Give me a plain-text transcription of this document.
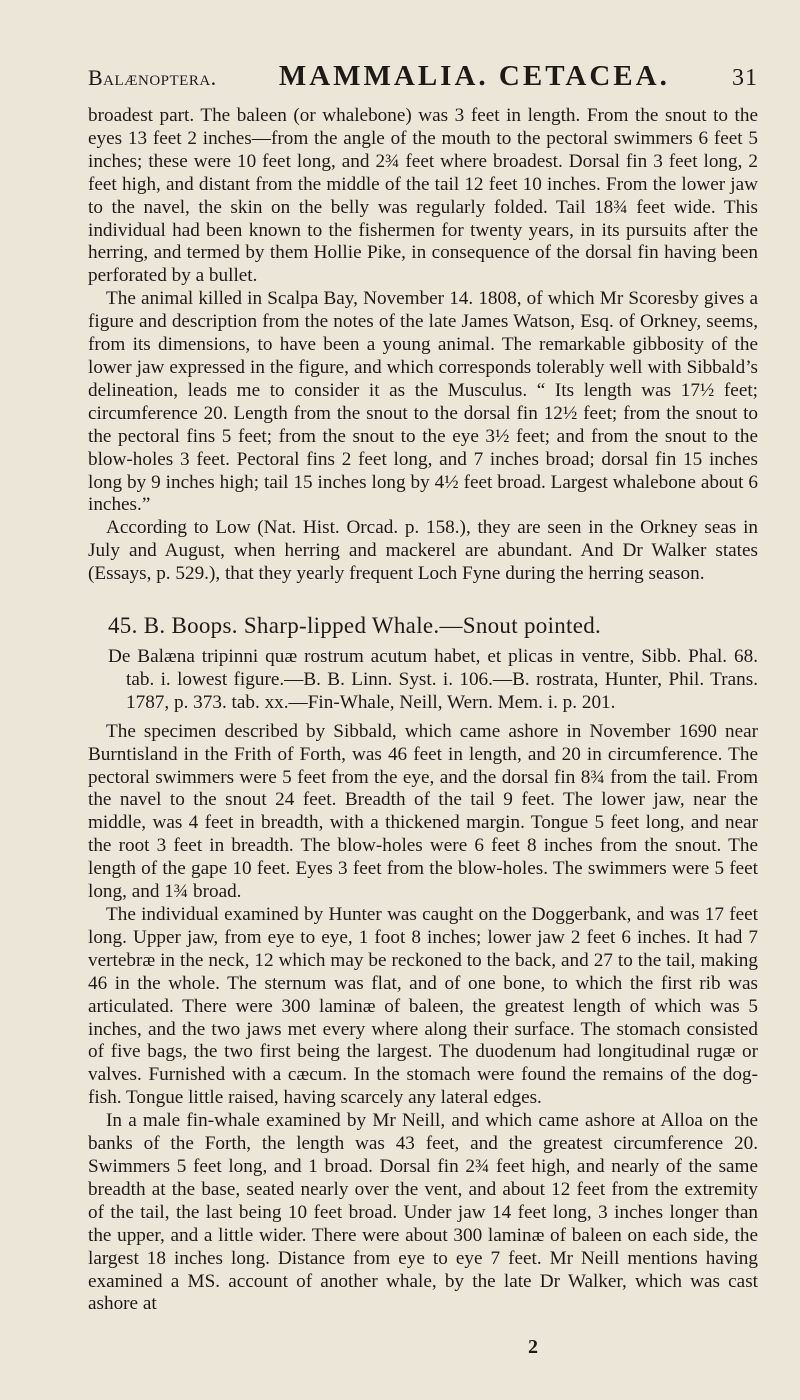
Balænoptera.	MAMMALIA. CETACEA.	31

broadest part. The baleen (or whalebone) was 3 feet in length. From the snout to the eyes 13 feet 2 inches—from the angle of the mouth to the pectoral swimmers 6 feet 5 inches; these were 10 feet long, and 2¾ feet where broadest. Dorsal fin 3 feet long, 2 feet high, and distant from the middle of the tail 12 feet 10 inches. From the lower jaw to the navel, the skin on the belly was regularly folded. Tail 18¾ feet wide. This individual had been known to the fishermen for twenty years, in its pursuits after the herring, and termed by them Hollie Pike, in consequence of the dorsal fin having been perforated by a bullet.

The animal killed in Scalpa Bay, November 14. 1808, of which Mr Scoresby gives a figure and description from the notes of the late James Watson, Esq. of Orkney, seems, from its dimensions, to have been a young animal. The remarkable gibbosity of the lower jaw expressed in the figure, and which corresponds tolerably well with Sibbald’s delineation, leads me to consider it as the Musculus. “ Its length was 17½ feet; circumference 20. Length from the snout to the dorsal fin 12½ feet; from the snout to the pectoral fins 5 feet; from the snout to the eye 3½ feet; and from the snout to the blow-holes 3 feet. Pectoral fins 2 feet long, and 7 inches broad; dorsal fin 15 inches long by 9 inches high; tail 15 inches long by 4½ feet broad. Largest whalebone about 6 inches.”

According to Low (Nat. Hist. Orcad. p. 158.), they are seen in the Orkney seas in July and August, when herring and mackerel are abundant. And Dr Walker states (Essays, p. 529.), that they yearly frequent Loch Fyne during the herring season.

45. B. Boops. Sharp-lipped Whale.—Snout pointed.

De Balæna tripinni quæ rostrum acutum habet, et plicas in ventre, Sibb. Phal. 68. tab. i. lowest figure.—B. B. Linn. Syst. i. 106.—B. rostrata, Hunter, Phil. Trans. 1787, p. 373. tab. xx.—Fin-Whale, Neill, Wern. Mem. i. p. 201.

The specimen described by Sibbald, which came ashore in November 1690 near Burntisland in the Frith of Forth, was 46 feet in length, and 20 in circumference. The pectoral swimmers were 5 feet from the eye, and the dorsal fin 8¾ from the tail. From the navel to the snout 24 feet. Breadth of the tail 9 feet. The lower jaw, near the middle, was 4 feet in breadth, with a thickened margin. Tongue 5 feet long, and near the root 3 feet in breadth. The blow-holes were 6 feet 8 inches from the snout. The length of the gape 10 feet. Eyes 3 feet from the blow-holes. The swimmers were 5 feet long, and 1¾ broad.

The individual examined by Hunter was caught on the Doggerbank, and was 17 feet long. Upper jaw, from eye to eye, 1 foot 8 inches; lower jaw 2 feet 6 inches. It had 7 vertebræ in the neck, 12 which may be reckoned to the back, and 27 to the tail, making 46 in the whole. The sternum was flat, and of one bone, to which the first rib was articulated. There were 300 laminæ of baleen, the greatest length of which was 5 inches, and the two jaws met every where along their surface. The stomach consisted of five bags, the two first being the largest. The duodenum had longitudinal rugæ or valves. Furnished with a cæcum. In the stomach were found the remains of the dog-fish. Tongue little raised, having scarcely any lateral edges.

In a male fin-whale examined by Mr Neill, and which came ashore at Alloa on the banks of the Forth, the length was 43 feet, and the greatest circumference 20. Swimmers 5 feet long, and 1 broad. Dorsal fin 2¾ feet high, and nearly of the same breadth at the base, seated nearly over the vent, and about 12 feet from the extremity of the tail, the last being 10 feet broad. Under jaw 14 feet long, 3 inches longer than the upper, and a little wider. There were about 300 laminæ of baleen on each side, the largest 18 inches long. Distance from eye to eye 7 feet. Mr Neill mentions having examined a MS. account of another whale, by the late Dr Walker, which was cast ashore at

2
